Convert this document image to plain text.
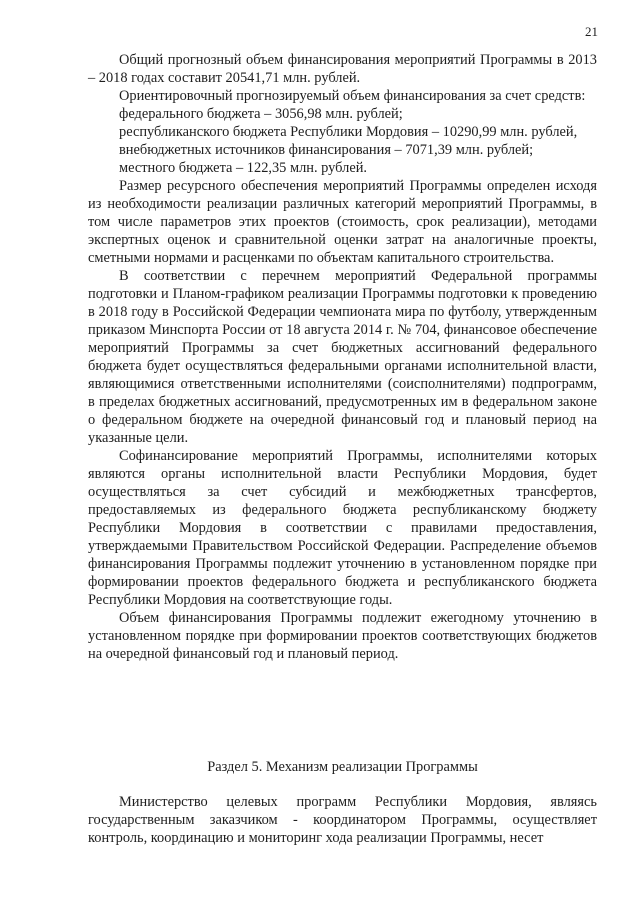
21

Общий прогнозный объем финансирования мероприятий Программы в 2013 – 2018 годах составит 20541,71 млн. рублей.

Ориентировочный прогнозируемый объем финансирования за счет средств:

федерального бюджета – 3056,98 млн. рублей;

республиканского бюджета Республики Мордовия – 10290,99 млн. рублей,

внебюджетных источников финансирования – 7071,39 млн. рублей;

местного бюджета – 122,35 млн. рублей.

Размер ресурсного обеспечения мероприятий Программы определен исходя из необходимости реализации различных категорий мероприятий Программы, в том числе параметров этих проектов (стоимость, срок реализации), методами экспертных оценок и сравнительной оценки затрат на аналогичные проекты, сметными нормами и расценками по объектам капитального строительства.

В соответствии с перечнем мероприятий Федеральной программы подготовки и Планом-графиком реализации Программы подготовки к проведению в 2018 году в Российской Федерации чемпионата мира по футболу, утвержденным приказом Минспорта России от 18 августа 2014 г. № 704, финансовое обеспечение мероприятий Программы за счет бюджетных ассигнований федерального бюджета будет осуществляться федеральными органами исполнительной власти, являющимися ответственными исполнителями (соисполнителями) подпрограмм, в пределах бюджетных ассигнований, предусмотренных им в федеральном законе о федеральном бюджете на очередной финансовый год и плановый период на указанные цели.

Софинансирование мероприятий Программы, исполнителями которых являются органы исполнительной власти Республики Мордовия, будет осуществляться за счет субсидий и межбюджетных трансфертов, предоставляемых из федерального бюджета республиканскому бюджету Республики Мордовия в соответствии с правилами предоставления, утверждаемыми Правительством Российской Федерации. Распределение объемов финансирования Программы подлежит уточнению в установленном порядке при формировании проектов федерального бюджета и республиканского бюджета Республики Мордовия на соответствующие годы.

Объем финансирования Программы подлежит ежегодному уточнению в установленном порядке при формировании проектов соответствующих бюджетов на очередной финансовый год и плановый период.

Раздел 5. Механизм реализации Программы

Министерство целевых программ Республики Мордовия, являясь государственным заказчиком - координатором Программы, осуществляет контроль, координацию и мониторинг хода реализации Программы, несет
